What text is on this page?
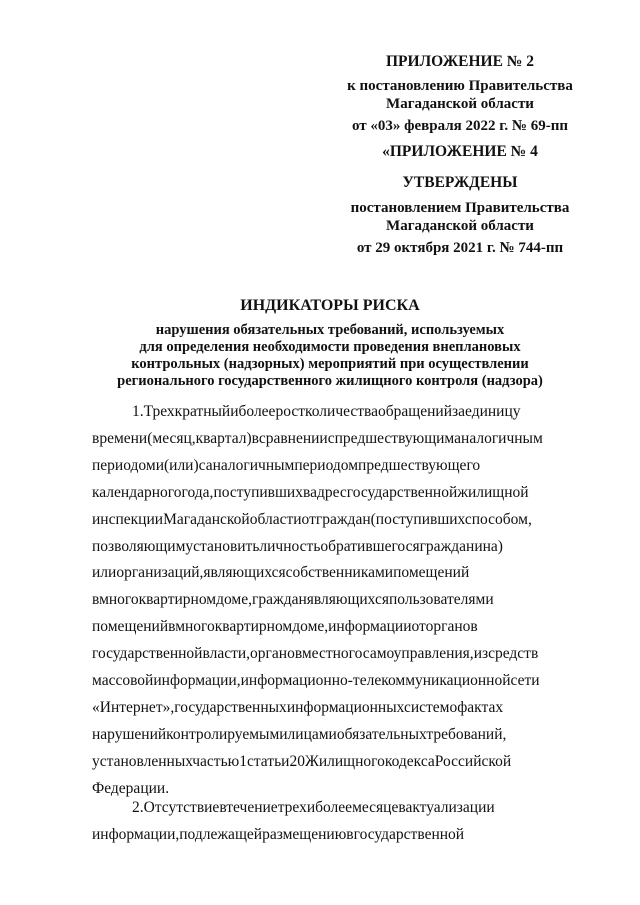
ПРИЛОЖЕНИЕ № 2
к постановлению Правительства
Магаданской области
от «03» февраля 2022 г. № 69-пп
«ПРИЛОЖЕНИЕ № 4
УТВЕРЖДЕНЫ
постановлением Правительства
Магаданской области
от 29 октября 2021 г. № 744-пп
ИНДИКАТОРЫ РИСКА
нарушения обязательных требований, используемых
для определения необходимости проведения внеплановых
контрольных (надзорных) мероприятий при осуществлении
регионального государственного жилищного контроля (надзора)
1.Трехкратныйиболееростколичестваобращенийзаединицу
времени(месяц,квартал)всравненииспредшествующиманалогичным
периодоми(или)саналогичнымпериодомпредшествующего
календарногогода,поступившихвадресгосударственнойжилищной
инспекцииМагаданскойобластиотграждан(поступившихспособом,
позволяющимустановитьличностьобратившегосягражданина)
илиорганизаций,являющихсясобственникамипомещений
вмногоквартирномдоме,гражданявляющихсяпользователями
помещенийвмногоквартирномдоме,информацииоторганов
государственнойвласти,органовместногосамоуправления,изсредств
массовойинформации,информационно-телекоммуникационнойсети
«Интернет»,государственныхинформационныхсистемофактах
нарушенийконтролируемымилицамиобязательныхтребований,
установленныхчастью1статьи20ЖилищногокодексаРоссийской
Федерации.
2.Отсутствиевтечениетрехиболеемесяцевактуализации
информации,подлежащейразмещениювгосударственной
